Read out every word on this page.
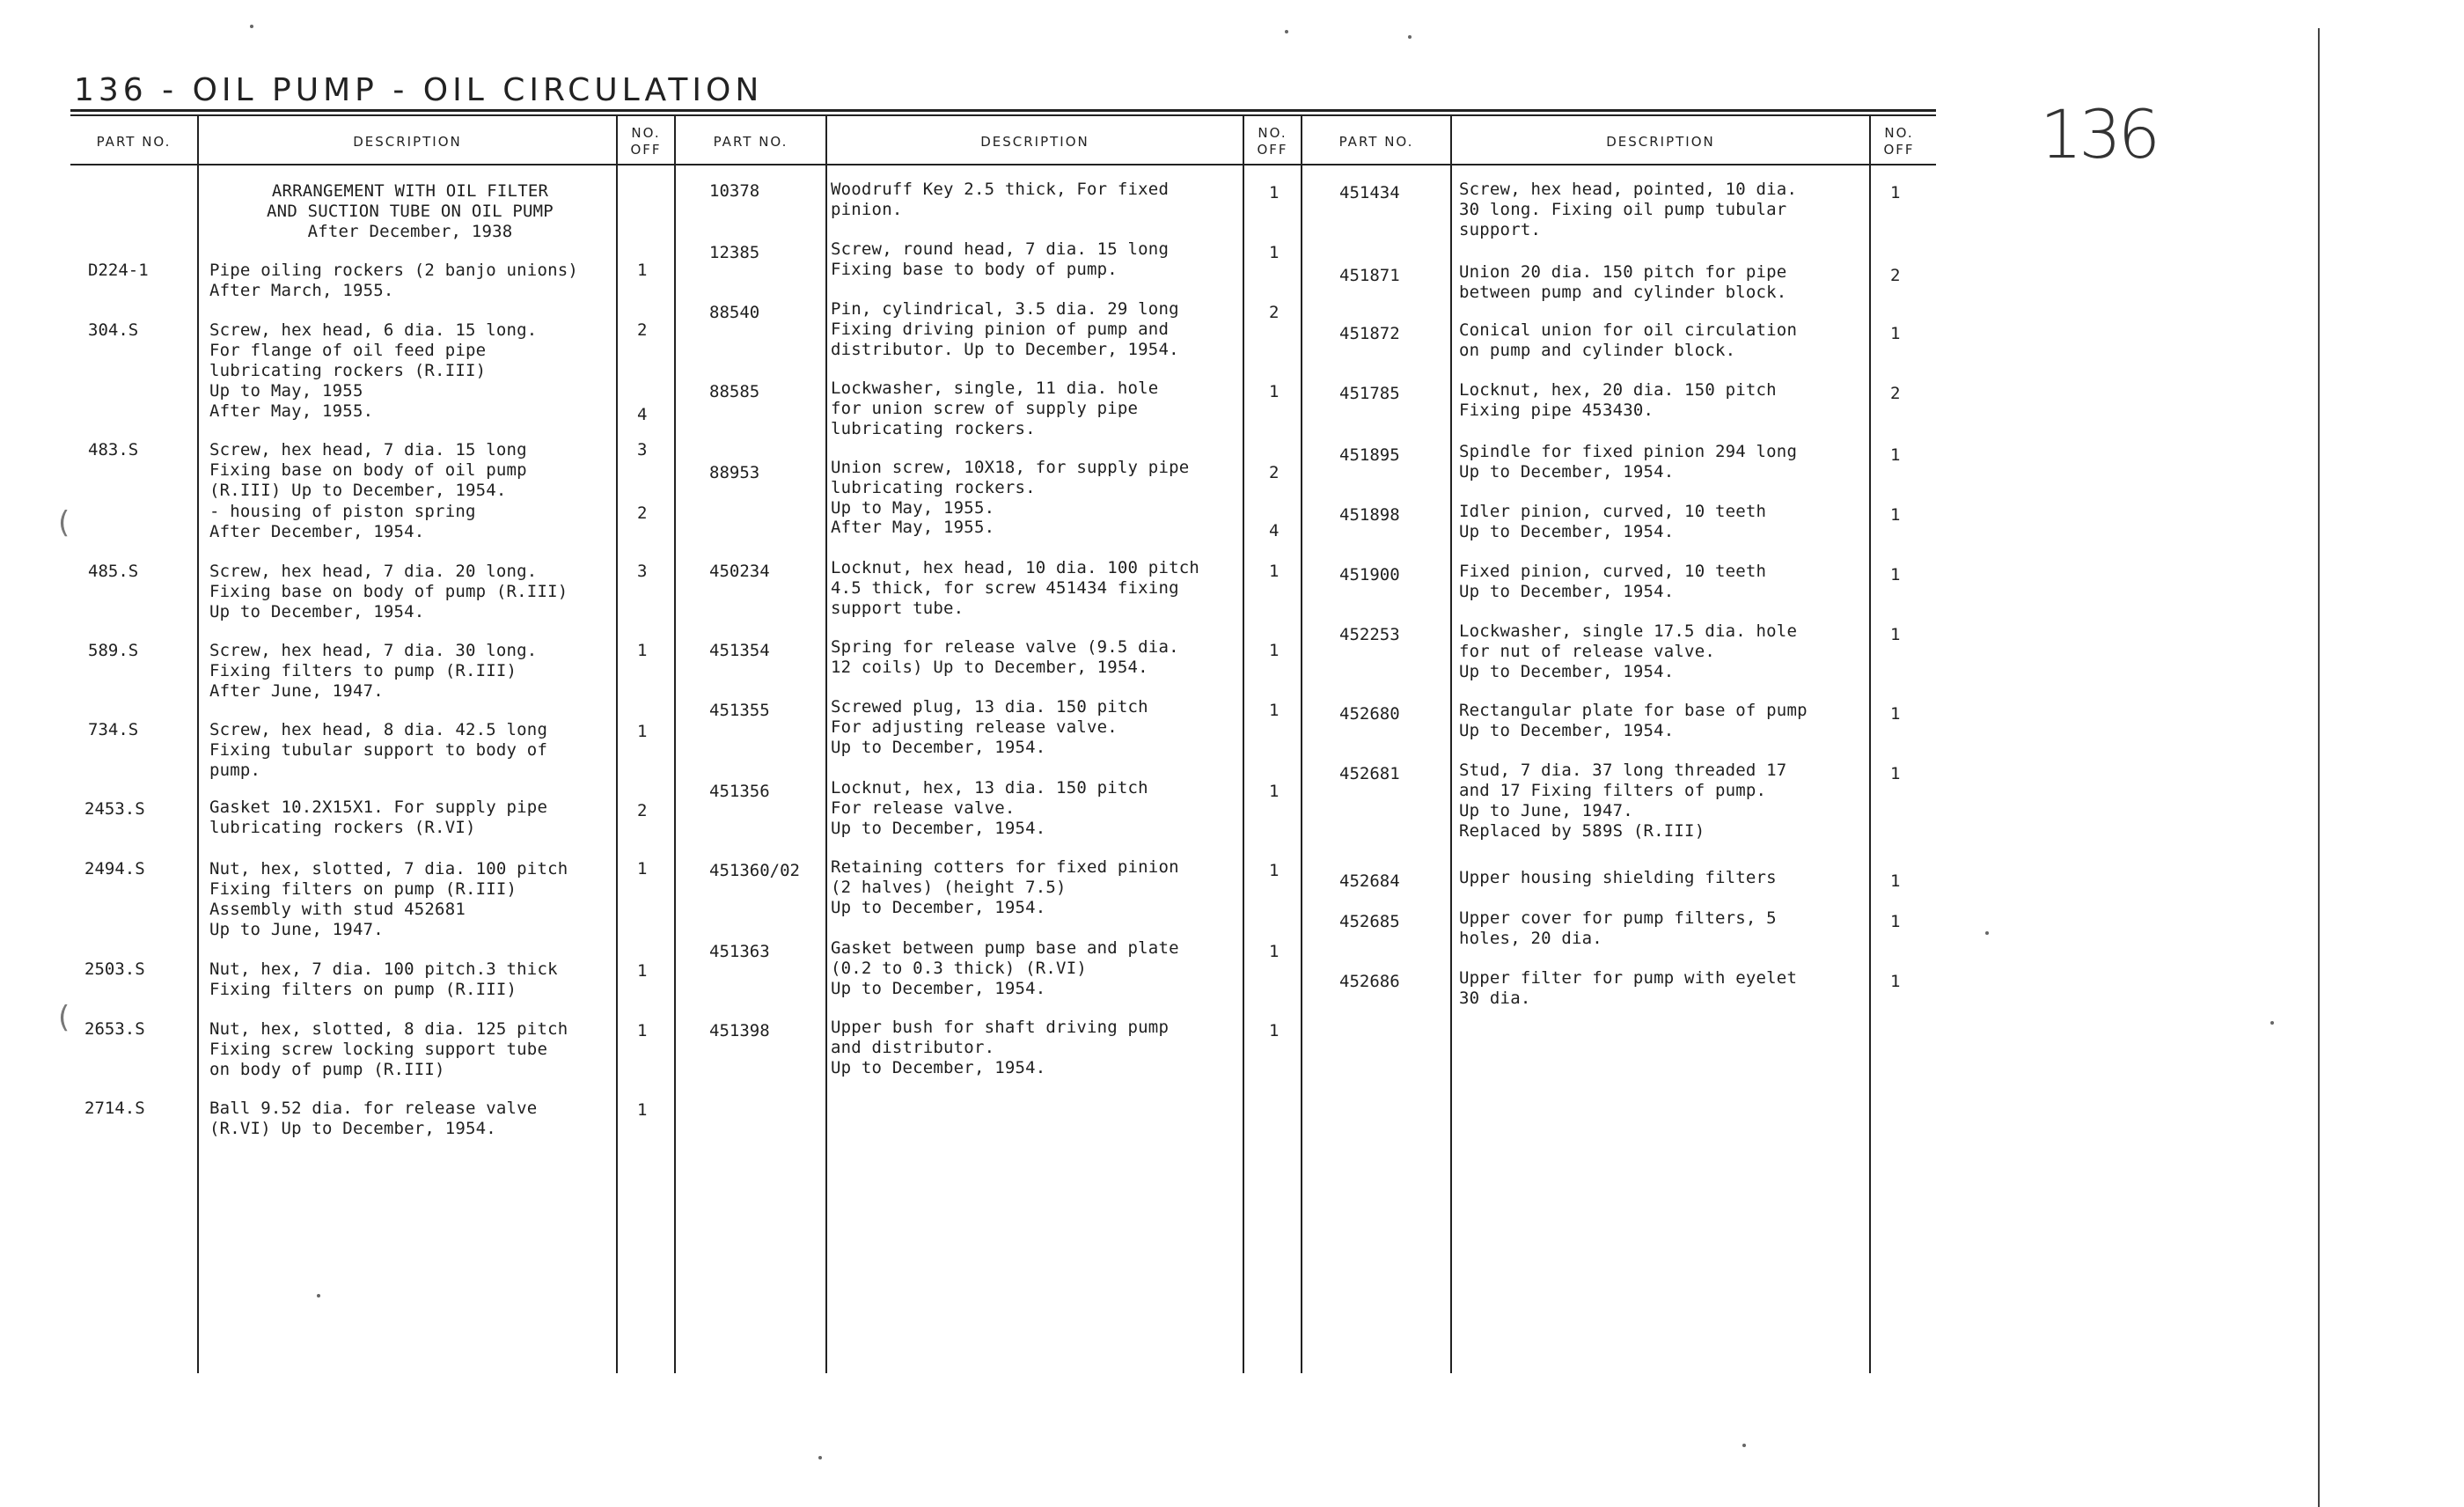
136 - OIL PUMP - OIL CIRCULATION
136
PART NO.	DESCRIPTION
NO.
OFF
PART NO.	DESCRIPTION
NO.
OFF
PART NO.	DESCRIPTION
NO.
OFF
ARRANGEMENT WITH OIL FILTER
AND SUCTION TUBE ON OIL PUMP
After December, 1938
D224-1	Pipe oiling rockers (2 banjo unions)
After March, 1955.
1
304.S	Screw, hex head, 6 dia. 15 long.
For flange of oil feed pipe
lubricating rockers (R.III)
Up to May, 1955
2
After May, 1955.	4
483.S	Screw, hex head, 7 dia. 15 long
Fixing base on body of oil pump
(R.III) Up to December, 1954.
3
- housing of piston spring
After December, 1954.
2
485.S	Screw, hex head, 7 dia. 20 long.
Fixing base on body of pump (R.III)
Up to December, 1954.
3
589.S	Screw, hex head, 7 dia. 30 long.
Fixing filters to pump (R.III)
After June, 1947.
1
734.S	Screw, hex head, 8 dia. 42.5 long
Fixing tubular support to body of
pump.
1
2453.S	Gasket 10.2X15X1. For supply pipe
lubricating rockers (R.VI)
2
2494.S	Nut, hex, slotted, 7 dia. 100 pitch
Fixing filters on pump (R.III)
Assembly with stud 452681
Up to June, 1947.
1
2503.S	Nut, hex, 7 dia. 100 pitch.3 thick
Fixing filters on pump (R.III)
1
2653.S	Nut, hex, slotted, 8 dia. 125 pitch
Fixing screw locking support tube
on body of pump (R.III)
1
2714.S	Ball 9.52 dia. for release valve
(R.VI) Up to December, 1954.
1
10378	Woodruff Key 2.5 thick, For fixed
pinion.
1
12385	Screw, round head, 7 dia. 15 long
Fixing base to body of pump.
1
88540	Pin, cylindrical, 3.5 dia. 29 long
Fixing driving pinion of pump and
distributor. Up to December, 1954.
2
88585	Lockwasher, single, 11 dia. hole
for union screw of supply pipe
lubricating rockers.
1
88953	Union screw, 10X18, for supply pipe
lubricating rockers.
Up to May, 1955.
2
After May, 1955.	4
450234	Locknut, hex head, 10 dia. 100 pitch
4.5 thick, for screw 451434 fixing
support tube.
1
451354	Spring for release valve (9.5 dia.
12 coils) Up to December, 1954.
1
451355	Screwed plug, 13 dia. 150 pitch
For adjusting release valve.
Up to December, 1954.
1
451356	Locknut, hex, 13 dia. 150 pitch
For release valve.
Up to December, 1954.
1
451360/02 Retaining cotters for fixed pinion
(2 halves) (height 7.5)
Up to December, 1954.
1
451363	Gasket between pump base and plate
(0.2 to 0.3 thick) (R.VI)
Up to December, 1954.
1
451398	Upper bush for shaft driving pump
and distributor.
Up to December, 1954.
1
451434	Screw, hex head, pointed, 10 dia.
30 long. Fixing oil pump tubular
support.
1
451871	Union 20 dia. 150 pitch for pipe
between pump and cylinder block.
2
451872	Conical union for oil circulation
on pump and cylinder block.
1
451785	Locknut, hex, 20 dia. 150 pitch
Fixing pipe 453430.
2
451895	Spindle for fixed pinion 294 long
Up to December, 1954.
1
451898	Idler pinion, curved, 10 teeth
Up to December, 1954.
1
451900	Fixed pinion, curved, 10 teeth
Up to December, 1954.
1
452253	Lockwasher, single 17.5 dia. hole
for nut of release valve.
Up to December, 1954.
1
452680	Rectangular plate for base of pump
Up to December, 1954.
1
452681	Stud, 7 dia. 37 long threaded 17
and 17 Fixing filters of pump.
Up to June, 1947.
Replaced by 589S (R.III)
1
452684	Upper housing shielding filters	1
452685	Upper cover for pump filters, 5
holes, 20 dia.
1
452686	Upper filter for pump with eyelet
30 dia.
1
(
(
